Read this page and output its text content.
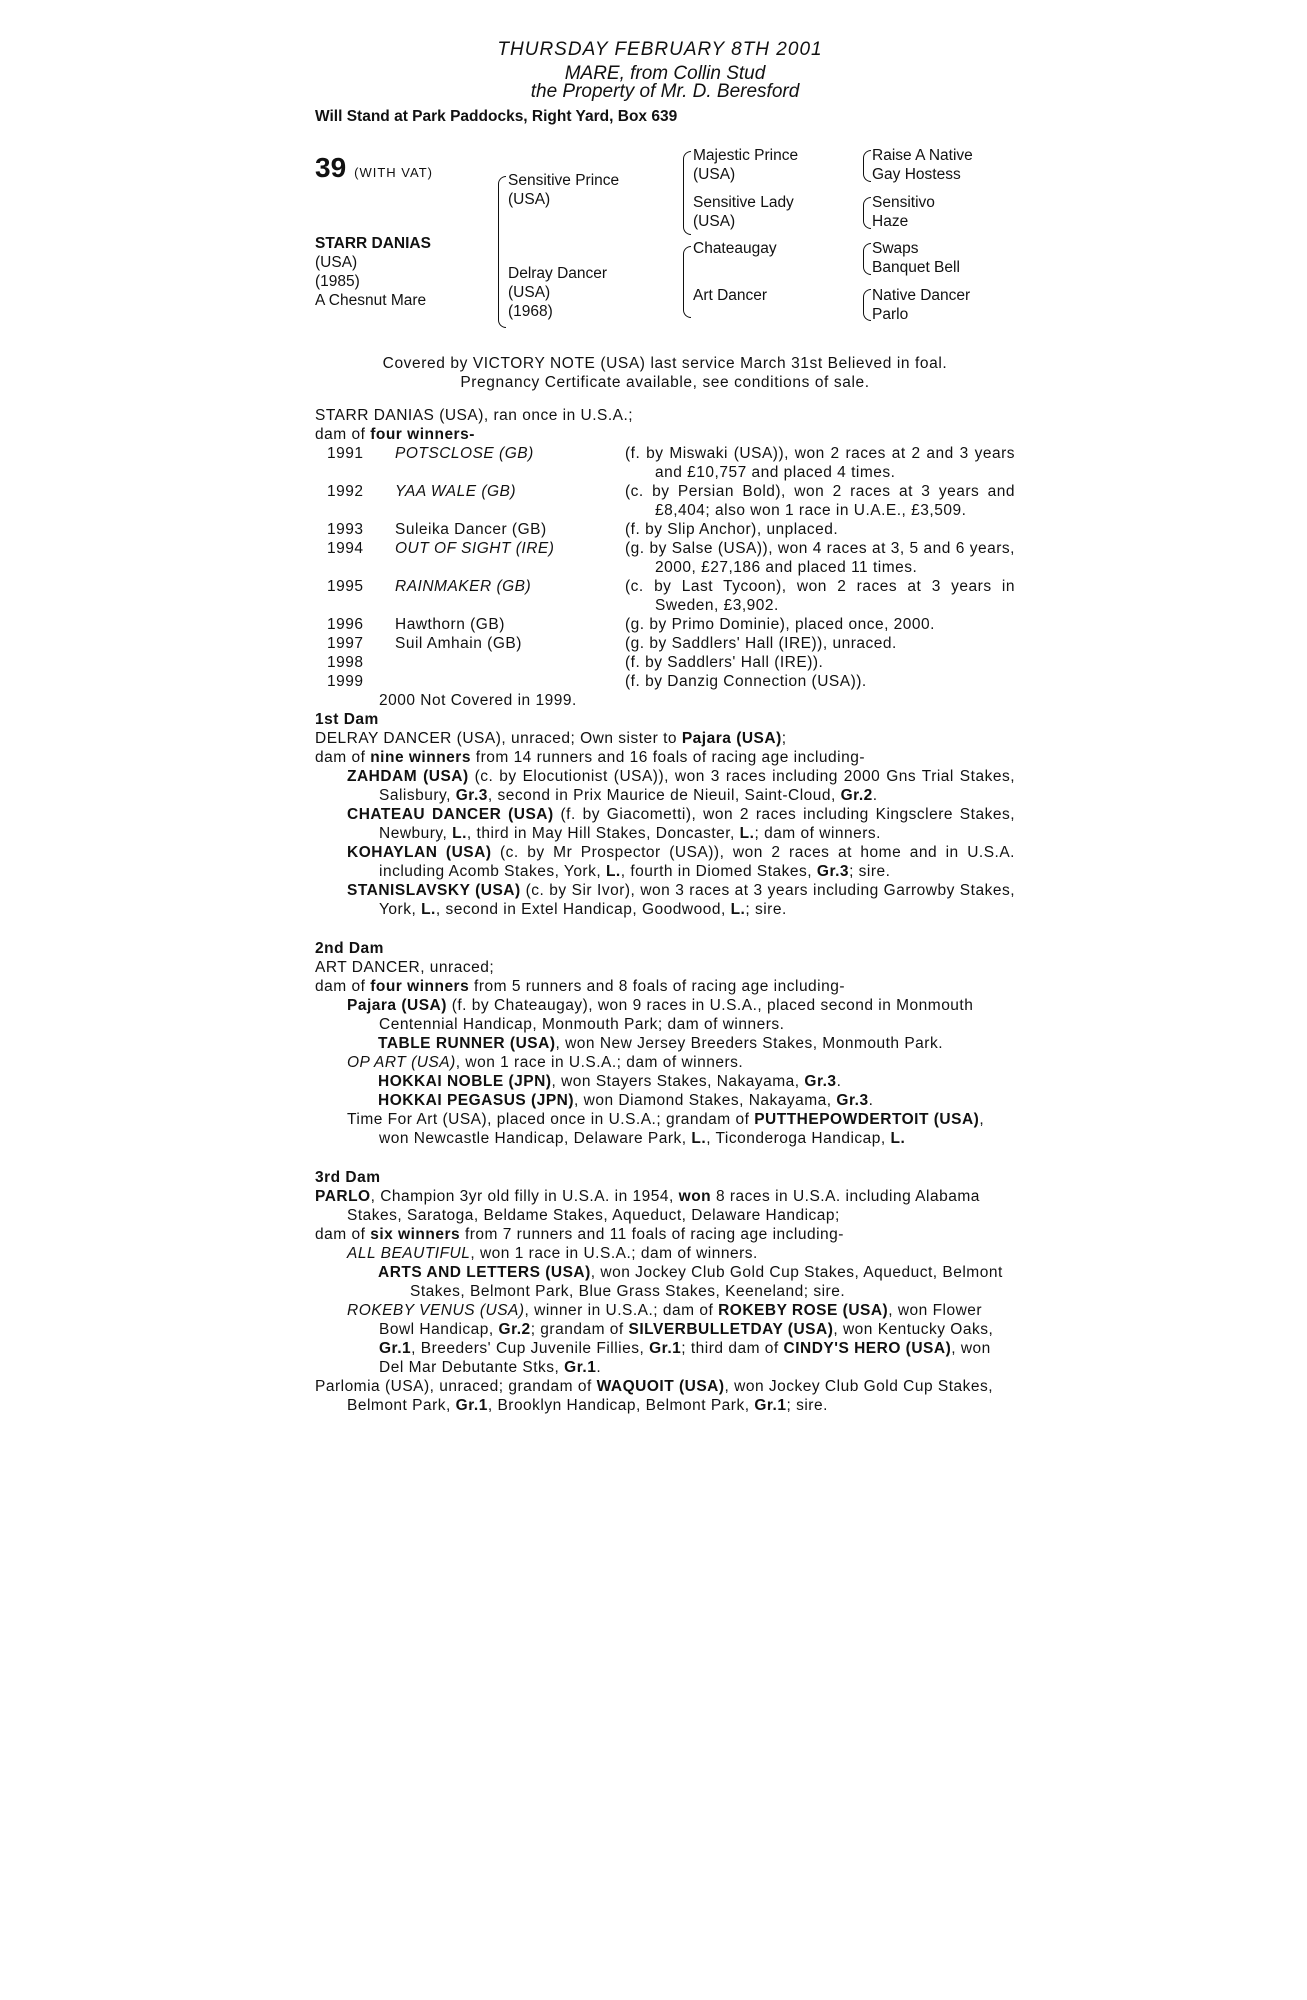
THURSDAY FEBRUARY 8TH 2001
MARE, from Collin Stud
the Property of Mr. D. Beresford
Will Stand at Park Paddocks, Right Yard, Box 639
39 (WITH VAT)
STARR DANIAS
(USA)
(1985)
A Chesnut Mare
Sensitive Prince
(USA)
Delray Dancer
(USA)
(1968)
Majestic Prince
(USA)
Sensitive Lady
(USA)
Chateaugay
Art Dancer
Raise A Native
Gay Hostess
Sensitivo
Haze
Swaps
Banquet Bell
Native Dancer
Parlo
Covered by VICTORY NOTE (USA) last service March 31st Believed in foal.
Pregnancy Certificate available, see conditions of sale.
STARR DANIAS (USA), ran once in U.S.A.;
dam of four winners-
1991	POTSCLOSE (GB)	(f. by Miswaki (USA)), won 2 races at 2 and 3 years and £10,757 and placed 4 times.
1992	YAA WALE (GB)	(c. by Persian Bold), won 2 races at 3 years and £8,404; also won 1 race in U.A.E., £3,509.
1993	Suleika Dancer (GB)	(f. by Slip Anchor), unplaced.
1994	OUT OF SIGHT (IRE)	(g. by Salse (USA)), won 4 races at 3, 5 and 6 years, 2000, £27,186 and placed 11 times.
1995	RAINMAKER (GB)	(c. by Last Tycoon), won 2 races at 3 years in Sweden, £3,902.
1996	Hawthorn (GB)	(g. by Primo Dominie), placed once, 2000.
1997	Suil Amhain (GB)	(g. by Saddlers' Hall (IRE)), unraced.
1998	(f. by Saddlers' Hall (IRE)).
1999	(f. by Danzig Connection (USA)).
2000 Not Covered in 1999.
1st Dam
DELRAY DANCER (USA), unraced; Own sister to Pajara (USA);
dam of nine winners from 14 runners and 16 foals of racing age including-
ZAHDAM (USA) (c. by Elocutionist (USA)), won 3 races including 2000 Gns Trial Stakes, Salisbury, Gr.3, second in Prix Maurice de Nieuil, Saint-Cloud, Gr.2.
CHATEAU DANCER (USA) (f. by Giacometti), won 2 races including Kingsclere Stakes, Newbury, L., third in May Hill Stakes, Doncaster, L.; dam of winners.
KOHAYLAN (USA) (c. by Mr Prospector (USA)), won 2 races at home and in U.S.A. including Acomb Stakes, York, L., fourth in Diomed Stakes, Gr.3; sire.
STANISLAVSKY (USA) (c. by Sir Ivor), won 3 races at 3 years including Garrowby Stakes, York, L., second in Extel Handicap, Goodwood, L.; sire.
2nd Dam
ART DANCER, unraced;
dam of four winners from 5 runners and 8 foals of racing age including-
Pajara (USA) (f. by Chateaugay), won 9 races in U.S.A., placed second in Monmouth Centennial Handicap, Monmouth Park; dam of winners.
TABLE RUNNER (USA), won New Jersey Breeders Stakes, Monmouth Park.
OP ART (USA), won 1 race in U.S.A.; dam of winners.
HOKKAI NOBLE (JPN), won Stayers Stakes, Nakayama, Gr.3.
HOKKAI PEGASUS (JPN), won Diamond Stakes, Nakayama, Gr.3.
Time For Art (USA), placed once in U.S.A.; grandam of PUTTHEPOWDERTOIT (USA), won Newcastle Handicap, Delaware Park, L., Ticonderoga Handicap, L.
3rd Dam
PARLO, Champion 3yr old filly in U.S.A. in 1954, won 8 races in U.S.A. including Alabama Stakes, Saratoga, Beldame Stakes, Aqueduct, Delaware Handicap;
dam of six winners from 7 runners and 11 foals of racing age including-
ALL BEAUTIFUL, won 1 race in U.S.A.; dam of winners.
ARTS AND LETTERS (USA), won Jockey Club Gold Cup Stakes, Aqueduct, Belmont Stakes, Belmont Park, Blue Grass Stakes, Keeneland; sire.
ROKEBY VENUS (USA), winner in U.S.A.; dam of ROKEBY ROSE (USA), won Flower Bowl Handicap, Gr.2; grandam of SILVERBULLETDAY (USA), won Kentucky Oaks, Gr.1, Breeders' Cup Juvenile Fillies, Gr.1; third dam of CINDY'S HERO (USA), won Del Mar Debutante Stks, Gr.1.
Parlomia (USA), unraced; grandam of WAQUOIT (USA), won Jockey Club Gold Cup Stakes, Belmont Park, Gr.1, Brooklyn Handicap, Belmont Park, Gr.1; sire.
